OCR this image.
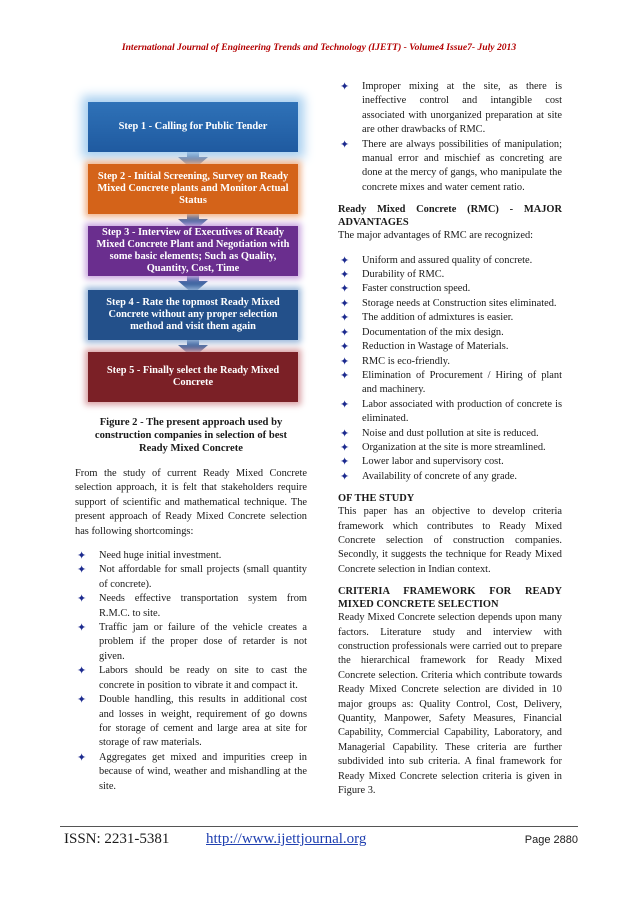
International Journal of Engineering Trends and Technology (IJETT) - Volume4 Issue7- July 2013
Step 1 - Calling for Public Tender
Step 2 - Initial Screening, Survey on Ready Mixed Concrete plants and Monitor Actual Status
Step 3 - Interview of Executives of Ready Mixed Concrete Plant and Negotiation with some basic elements; Such as Quality, Quantity, Cost, Time
Step 4 - Rate the topmost Ready Mixed Concrete without any proper selection method and visit them again
Step 5 - Finally select the Ready Mixed Concrete
Figure 2 - The present approach used by construction companies in selection of best Ready Mixed Concrete

From the study of current Ready Mixed Concrete selection approach, it is felt that stakeholders require support of scientific and mathematical technique. The present approach of Ready Mixed Concrete selection has following shortcomings:

✦ Need huge initial investment.
✦ Not affordable for small projects (small quantity of concrete).
✦ Needs effective transportation system from R.M.C. to site.
✦ Traffic jam or failure of the vehicle creates a problem if the proper dose of retarder is not given.
✦ Labors should be ready on site to cast the concrete in position to vibrate it and compact it.
✦ Double handling, this results in additional cost and losses in weight, requirement of go downs for storage of cement and large area at site for storage of raw materials.
✦ Aggregates get mixed and impurities creep in because of wind, weather and mishandling at the site.
✦ Improper mixing at the site, as there is ineffective control and intangible cost associated with unorganized preparation at site are other drawbacks of RMC.
✦ There are always possibilities of manipulation; manual error and mischief as concreting are done at the mercy of gangs, who manipulate the concrete mixes and water cement ratio.
Ready Mixed Concrete (RMC) - MAJOR ADVANTAGES

The major advantages of RMC are recognized:

✦ Uniform and assured quality of concrete.
✦ Durability of RMC.
✦ Faster construction speed.
✦ Storage needs at Construction sites eliminated.
✦ The addition of admixtures is easier.
✦ Documentation of the mix design.
✦ Reduction in Wastage of Materials.
✦ RMC is eco-friendly.
✦ Elimination of Procurement / Hiring of plant and machinery.
✦ Labor associated with production of concrete is eliminated.
✦ Noise and dust pollution at site is reduced.
✦ Organization at the site is more streamlined.
✦ Lower labor and supervisory cost.
✦ Availability of concrete of any grade.
OF THE STUDY

This paper has an objective to develop criteria framework which contributes to Ready Mixed Concrete selection of construction companies. Secondly, it suggests the technique for Ready Mixed Concrete selection in Indian context.

CRITERIA FRAMEWORK FOR READY MIXED CONCRETE SELECTION

Ready Mixed Concrete selection depends upon many factors. Literature study and interview with construction professionals were carried out to prepare the hierarchical framework for Ready Mixed Concrete selection. Criteria which contribute towards Ready Mixed Concrete selection are divided in 10 major groups as: Quality Control, Cost, Delivery, Quantity, Manpower, Safety Measures, Financial Capability, Commercial Capability, Laboratory, and Managerial Capability. These criteria are further subdivided into sub criteria. A final framework for Ready Mixed Concrete selection criteria is given in Figure 3.

ISSN: 2231-5381 http://www.ijettjournal.org	Page 2880
